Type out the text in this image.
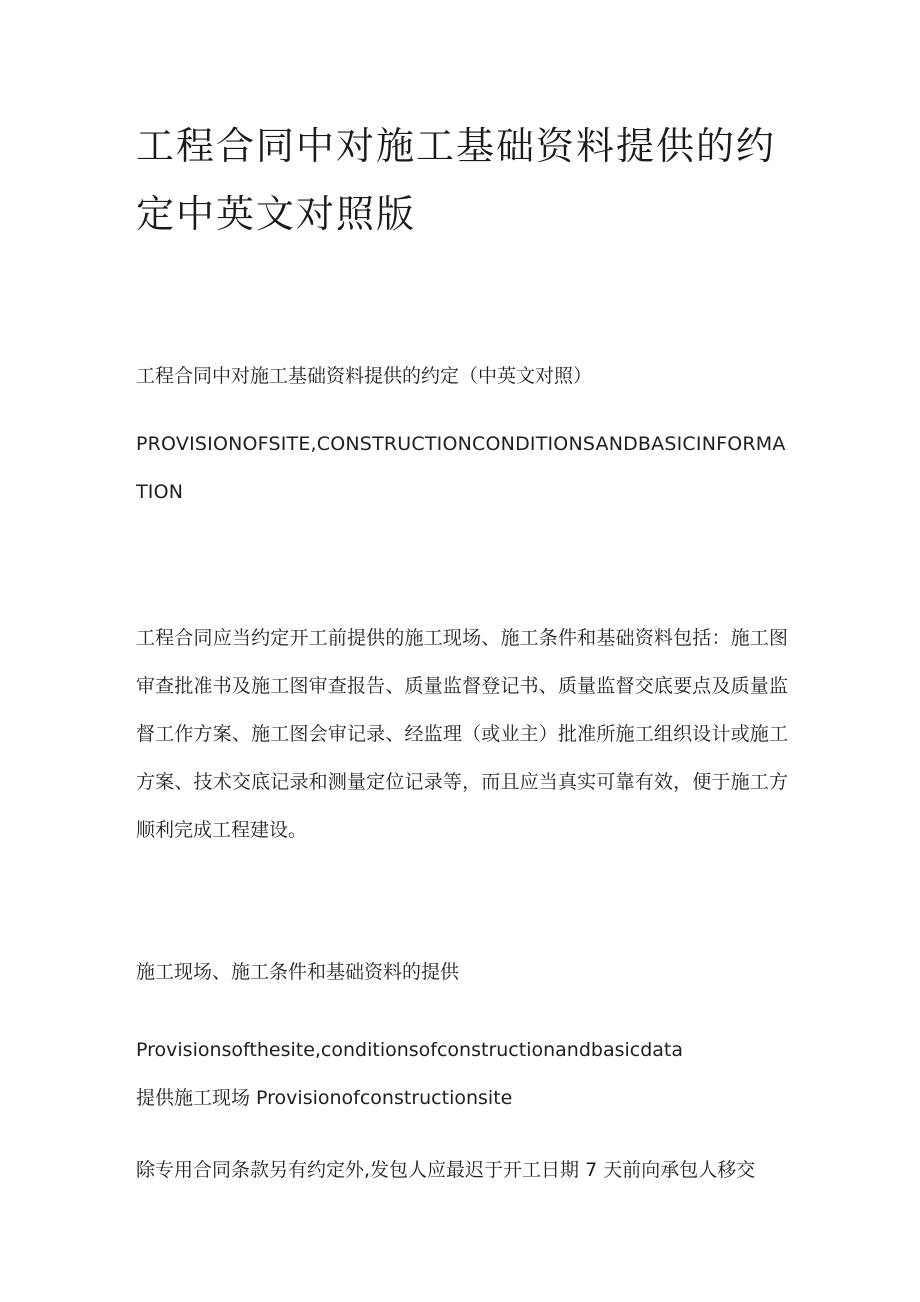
工程合同中对施工基础资料提供的约定中英文对照版

工程合同中对施工基础资料提供的约定（中英文对照）

PROVISIONOFSITE,CONSTRUCTIONCONDITIONSANDBASICINFORMATION

工程合同应当约定开工前提供的施工现场、施工条件和基础资料包括：施工图审查批准书及施工图审查报告、质量监督登记书、质量监督交底要点及质量监督工作方案、施工图会审记录、经监理（或业主）批准所施工组织设计或施工方案、技术交底记录和测量定位记录等，而且应当真实可靠有效，便于施工方顺利完成工程建设。

施工现场、施工条件和基础资料的提供

Provisionsofthesite,conditionsofconstructionandbasicdata

提供施工现场 Provisionofconstructionsite

除专用合同条款另有约定外,发包人应最迟于开工日期 7 天前向承包人移交
